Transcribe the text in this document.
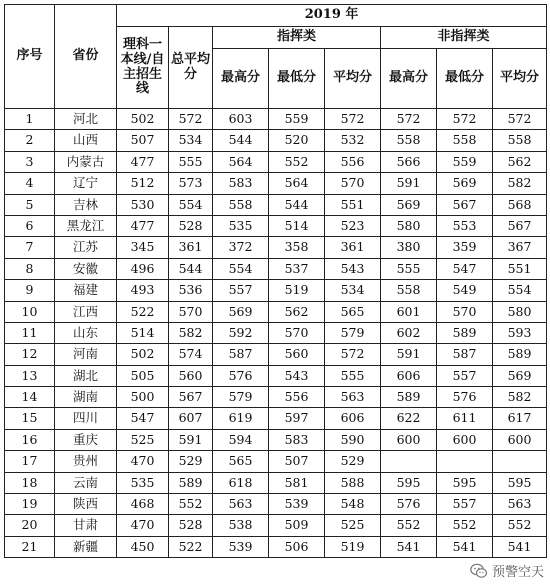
序号	省份	2019 年							
		理科一本线/自主招生线	总平均分	指挥类			非指挥类		
				最高分	最低分	平均分	最高分	最低分	平均分
1	河北	502	572	603	559	572	572	572	572
2	山西	507	534	544	520	532	558	558	558
3	内蒙古	477	555	564	552	556	566	559	562
4	辽宁	512	573	583	564	570	591	569	582
5	吉林	530	554	558	544	551	569	567	568
6	黑龙江	477	528	535	514	523	580	553	567
7	江苏	345	361	372	358	361	380	359	367
8	安徽	496	544	554	537	543	555	547	551
9	福建	493	536	557	519	534	558	549	554
10	江西	522	570	569	562	565	601	570	580
11	山东	514	582	592	570	579	602	589	593
12	河南	502	574	587	560	572	591	587	589
13	湖北	505	560	576	543	555	606	557	569
14	湖南	500	567	579	556	563	589	576	582
15	四川	547	607	619	597	606	622	611	617
16	重庆	525	591	594	583	590	600	600	600
17	贵州	470	529	565	507	529			
18	云南	535	589	618	581	588	595	595	595
19	陕西	468	552	563	539	548	576	557	563
20	甘肃	470	528	538	509	525	552	552	552
21	新疆	450	522	539	506	519	541	541	541
预警空天
